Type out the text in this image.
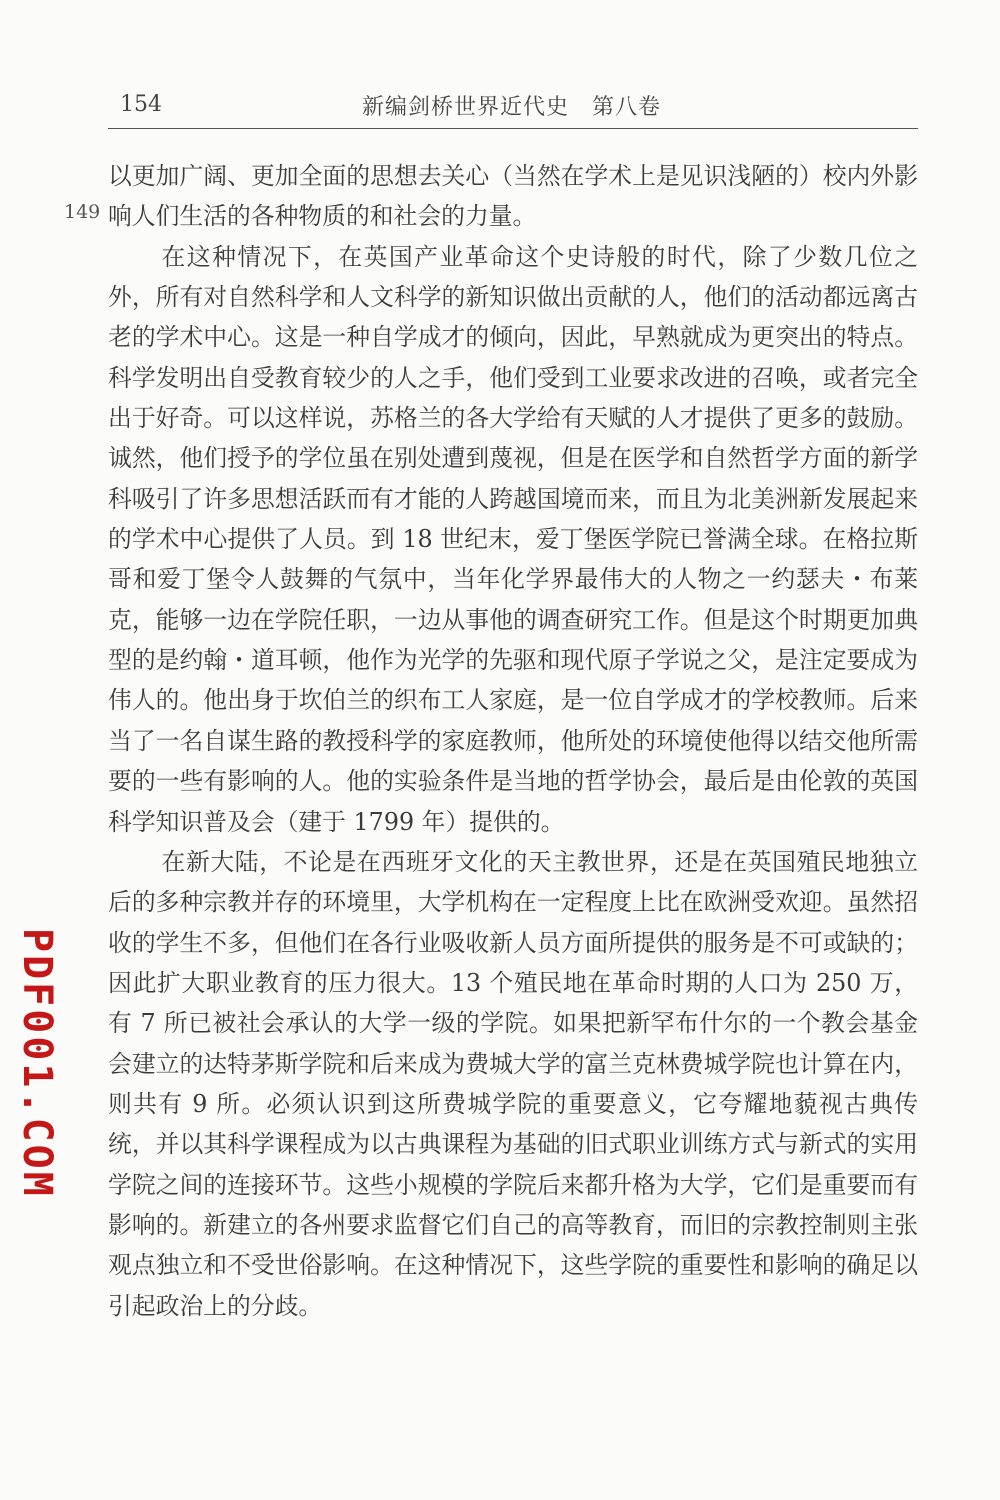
154	新编剑桥世界近代史　第八卷
149

以更加广阔、更加全面的思想去关心（当然在学术上是见识浅陋的）校内外影响人们生活的各种物质的和社会的力量。

在这种情况下，在英国产业革命这个史诗般的时代，除了少数几位之外，所有对自然科学和人文科学的新知识做出贡献的人，他们的活动都远离古老的学术中心。这是一种自学成才的倾向，因此，早熟就成为更突出的特点。科学发明出自受教育较少的人之手，他们受到工业要求改进的召唤，或者完全出于好奇。可以这样说，苏格兰的各大学给有天赋的人才提供了更多的鼓励。诚然，他们授予的学位虽在别处遭到蔑视，但是在医学和自然哲学方面的新学科吸引了许多思想活跃而有才能的人跨越国境而来，而且为北美洲新发展起来的学术中心提供了人员。到 18 世纪末，爱丁堡医学院已誉满全球。在格拉斯哥和爱丁堡令人鼓舞的气氛中，当年化学界最伟大的人物之一约瑟夫・布莱克，能够一边在学院任职，一边从事他的调查研究工作。但是这个时期更加典型的是约翰・道耳顿，他作为光学的先驱和现代原子学说之父，是注定要成为伟人的。他出身于坎伯兰的织布工人家庭，是一位自学成才的学校教师。后来当了一名自谋生路的教授科学的家庭教师，他所处的环境使他得以结交他所需要的一些有影响的人。他的实验条件是当地的哲学协会，最后是由伦敦的英国科学知识普及会（建于 1799 年）提供的。

在新大陆，不论是在西班牙文化的天主教世界，还是在英国殖民地独立后的多种宗教并存的环境里，大学机构在一定程度上比在欧洲受欢迎。虽然招收的学生不多，但他们在各行业吸收新人员方面所提供的服务是不可或缺的；因此扩大职业教育的压力很大。13 个殖民地在革命时期的人口为 250 万，有 7 所已被社会承认的大学一级的学院。如果把新罕布什尔的一个教会基金会建立的达特茅斯学院和后来成为费城大学的富兰克林费城学院也计算在内，则共有 9 所。必须认识到这所费城学院的重要意义，它夸耀地藐视古典传统，并以其科学课程成为以古典课程为基础的旧式职业训练方式与新式的实用学院之间的连接环节。这些小规模的学院后来都升格为大学，它们是重要而有影响的。新建立的各州要求监督它们自己的高等教育，而旧的宗教控制则主张观点独立和不受世俗影响。在这种情况下，这些学院的重要性和影响的确足以引起政治上的分歧。

PDF001.COM
